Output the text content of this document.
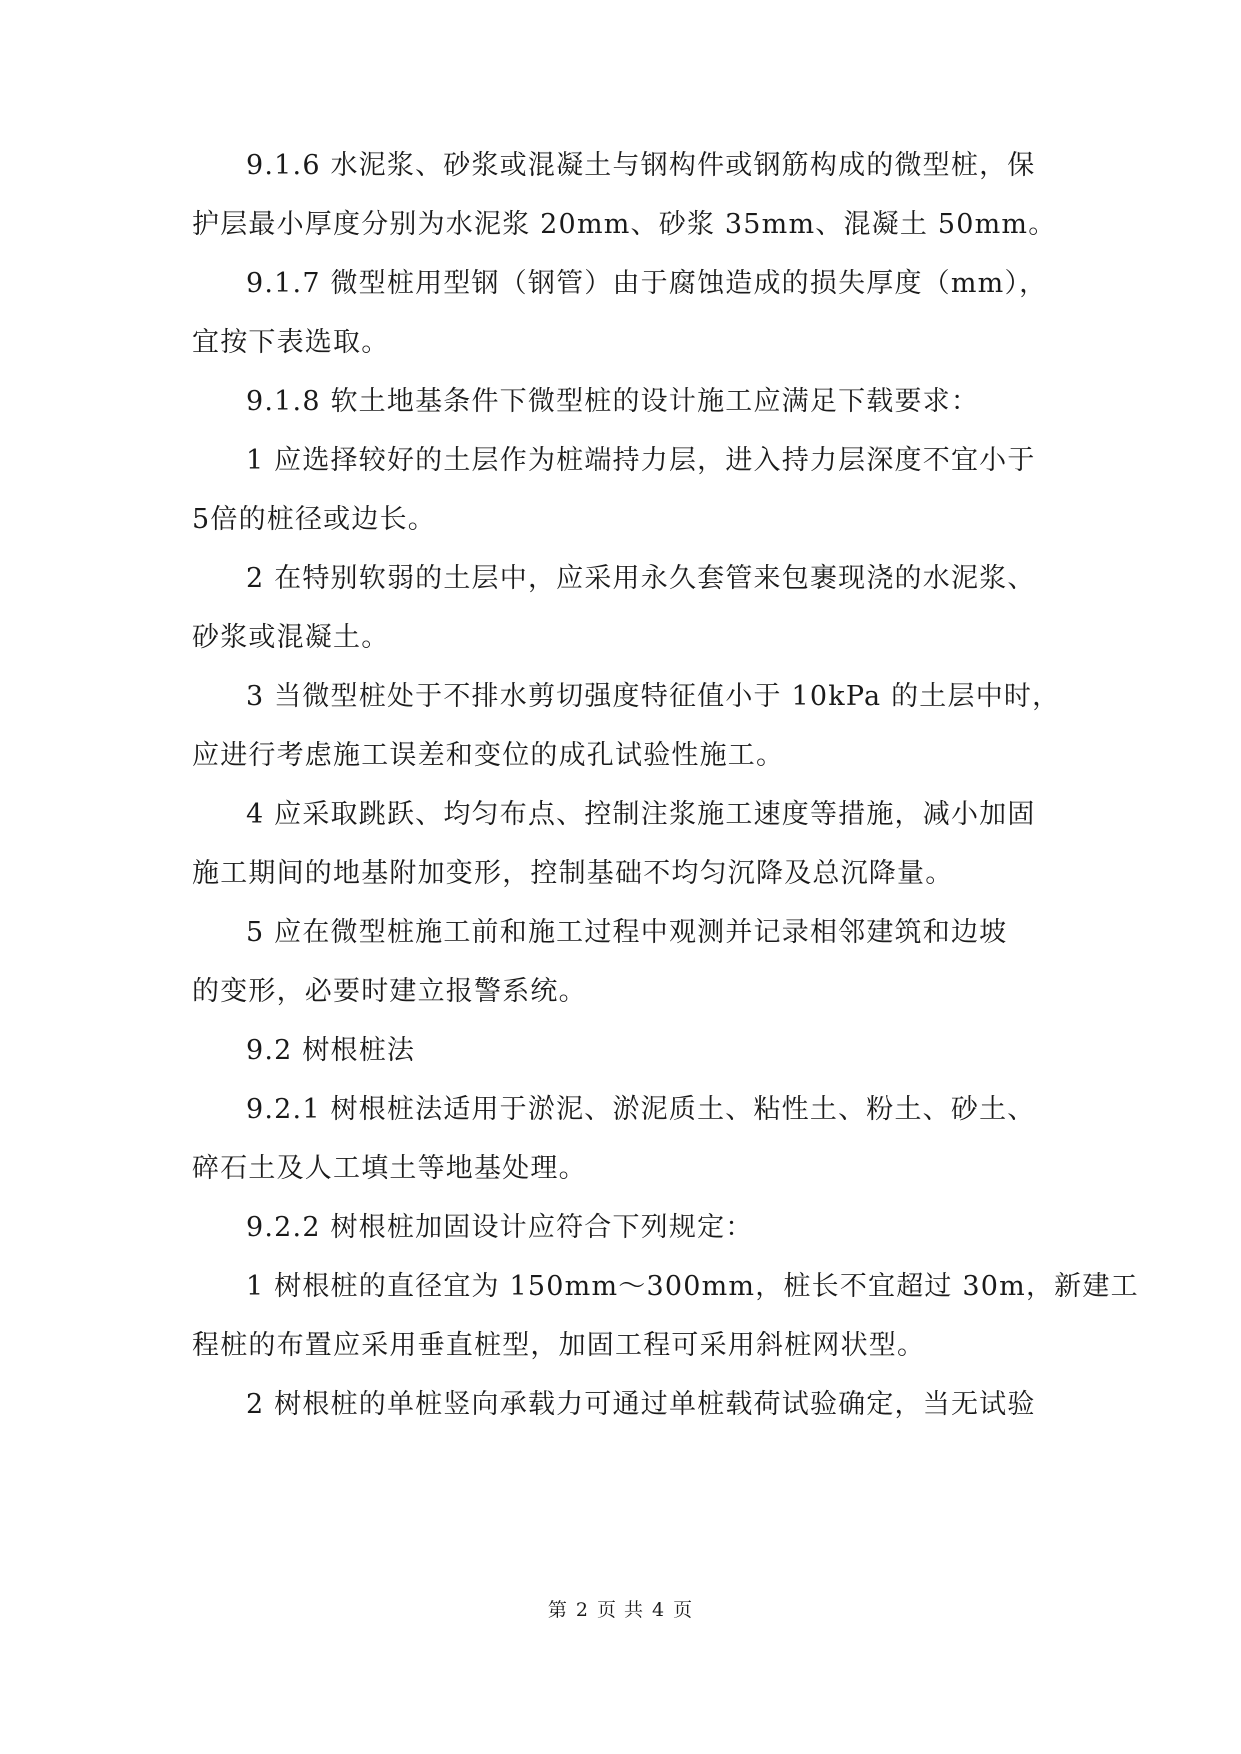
9.1.6 水泥浆、砂浆或混凝土与钢构件或钢筋构成的微型桩，保
护层最小厚度分别为水泥浆 20mm、砂浆 35mm、混凝土 50mm。
9.1.7 微型桩用型钢（钢管）由于腐蚀造成的损失厚度（mm），
宜按下表选取。
9.1.8 软土地基条件下微型桩的设计施工应满足下载要求：
1 应选择较好的土层作为桩端持力层，进入持力层深度不宜小于
5倍的桩径或边长。
2 在特别软弱的土层中，应采用永久套管来包裹现浇的水泥浆、
砂浆或混凝土。
3 当微型桩处于不排水剪切强度特征值小于 10kPa 的土层中时，
应进行考虑施工误差和变位的成孔试验性施工。
4 应采取跳跃、均匀布点、控制注浆施工速度等措施，减小加固
施工期间的地基附加变形，控制基础不均匀沉降及总沉降量。
5 应在微型桩施工前和施工过程中观测并记录相邻建筑和边坡
的变形，必要时建立报警系统。
9.2 树根桩法
9.2.1 树根桩法适用于淤泥、淤泥质土、粘性土、粉土、砂土、
碎石土及人工填土等地基处理。
9.2.2 树根桩加固设计应符合下列规定：
1 树根桩的直径宜为 150mm～300mm，桩长不宜超过 30m，新建工
程桩的布置应采用垂直桩型，加固工程可采用斜桩网状型。
2 树根桩的单桩竖向承载力可通过单桩载荷试验确定，当无试验
第 2 页 共 4 页
